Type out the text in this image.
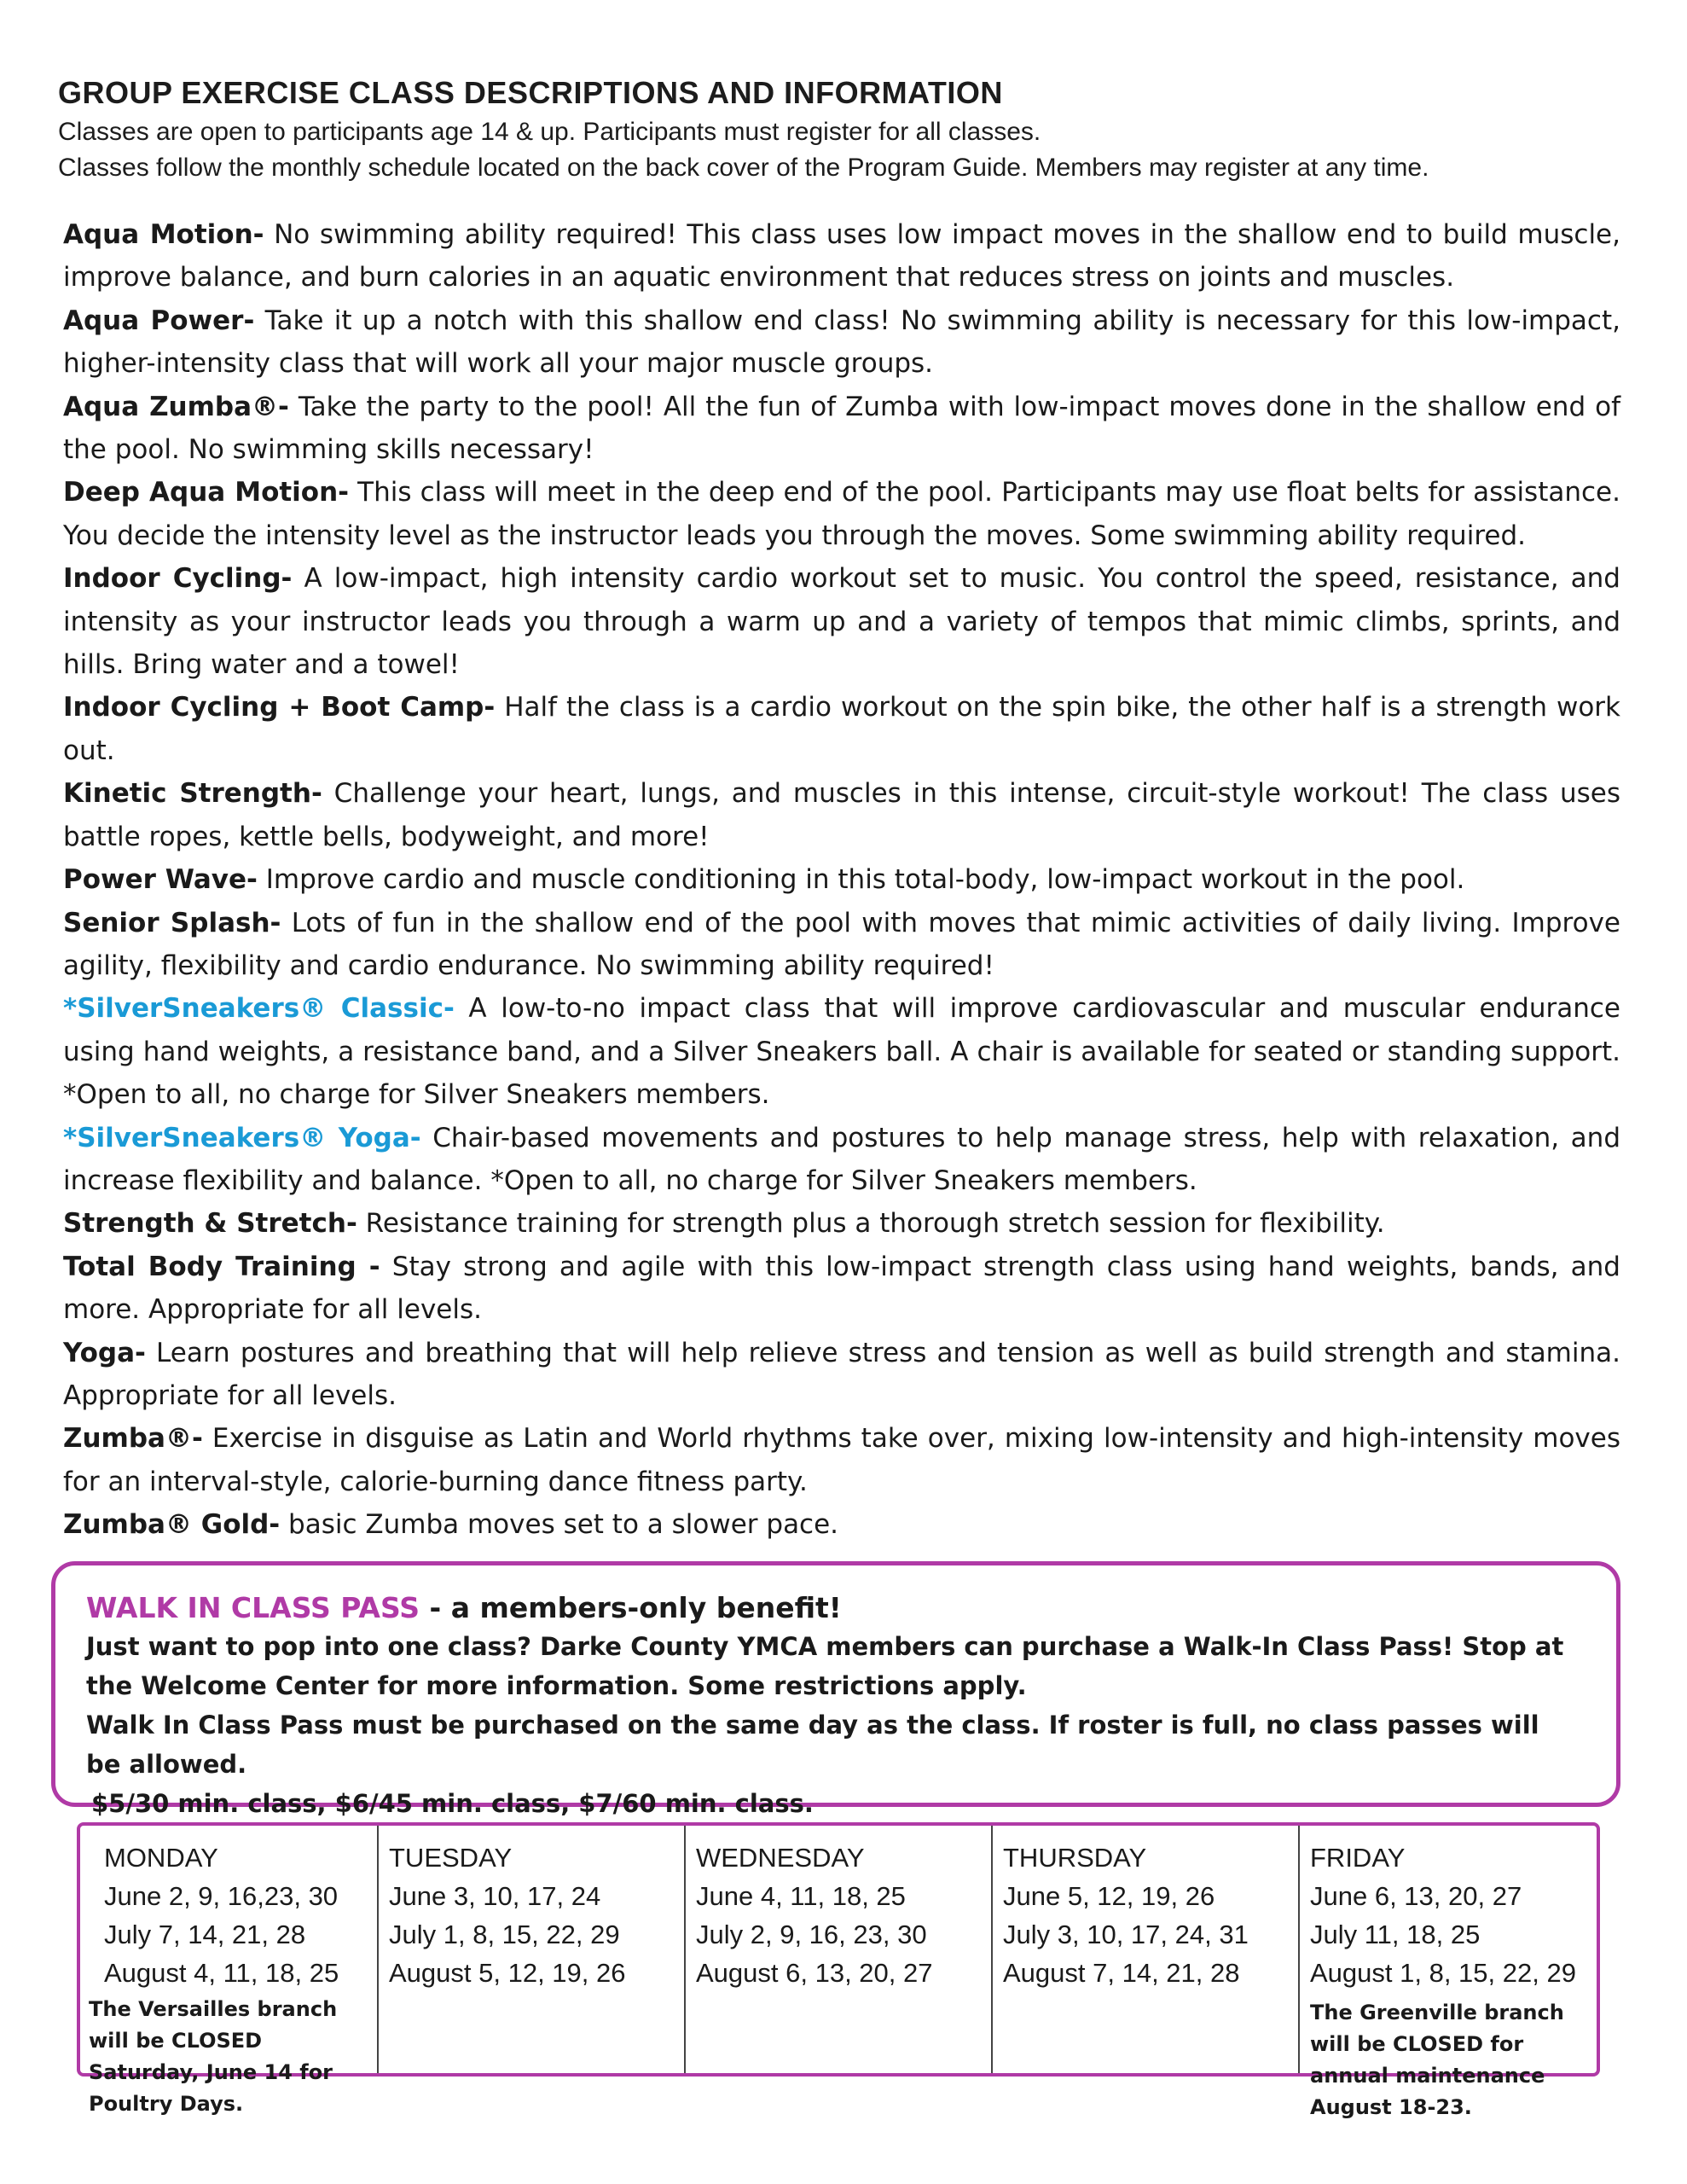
GROUP EXERCISE CLASS DESCRIPTIONS AND INFORMATION

Classes are open to participants age 14 & up. Participants must register for all classes.

Classes follow the monthly schedule located on the back cover of the Program Guide. Members may register at any time.

Aqua Motion- No swimming ability required! This class uses low impact moves in the shallow end to build muscle, improve balance, and burn calories in an aquatic environment that reduces stress on joints and muscles.

Aqua Power- Take it up a notch with this shallow end class! No swimming ability is necessary for this low-impact, higher-intensity class that will work all your major muscle groups.

Aqua Zumba®- Take the party to the pool! All the fun of Zumba with low-impact moves done in the shallow end of the pool. No swimming skills necessary!

Deep Aqua Motion- This class will meet in the deep end of the pool. Participants may use float belts for assistance. You decide the intensity level as the instructor leads you through the moves. Some swimming ability required.

Indoor Cycling- A low-impact, high intensity cardio workout set to music. You control the speed, resistance, and intensity as your instructor leads you through a warm up and a variety of tempos that mimic climbs, sprints, and hills. Bring water and a towel!

Indoor Cycling + Boot Camp- Half the class is a cardio workout on the spin bike, the other half is a strength work out.

Kinetic Strength- Challenge your heart, lungs, and muscles in this intense, circuit-style workout! The class uses battle ropes, kettle bells, bodyweight, and more!

Power Wave- Improve cardio and muscle conditioning in this total-body, low-impact workout in the pool.

Senior Splash- Lots of fun in the shallow end of the pool with moves that mimic activities of daily living. Improve agility, flexibility and cardio endurance. No swimming ability required!

*SilverSneakers® Classic- A low-to-no impact class that will improve cardiovascular and muscular endurance using hand weights, a resistance band, and a Silver Sneakers ball. A chair is available for seated or standing support. *Open to all, no charge for Silver Sneakers members.

*SilverSneakers® Yoga- Chair-based movements and postures to help manage stress, help with relaxation, and increase flexibility and balance. *Open to all, no charge for Silver Sneakers members.

Strength & Stretch- Resistance training for strength plus a thorough stretch session for flexibility.

Total Body Training - Stay strong and agile with this low-impact strength class using hand weights, bands, and more. Appropriate for all levels.

Yoga- Learn postures and breathing that will help relieve stress and tension as well as build strength and stamina. Appropriate for all levels.

Zumba®- Exercise in disguise as Latin and World rhythms take over, mixing low-intensity and high-intensity moves for an interval-style, calorie-burning dance fitness party.

Zumba® Gold- basic Zumba moves set to a slower pace.

WALK IN CLASS PASS - a members-only benefit!

Just want to pop into one class? Darke County YMCA members can purchase a Walk-In Class Pass! Stop at the Welcome Center for more information. Some restrictions apply.

Walk In Class Pass must be purchased on the same day as the class. If roster is full, no class passes will be allowed.

$5/30 min. class, $6/45 min. class, $7/60 min. class.

MONDAY

June 2, 9, 16,23, 30

July 7, 14, 21, 28

August 4, 11, 18, 25

The Versailles branch will be CLOSED Saturday, June 14 for Poultry Days.

TUESDAY

June 3, 10, 17, 24

July 1, 8, 15, 22, 29

August 5, 12, 19, 26

WEDNESDAY

June 4, 11, 18, 25

July 2, 9, 16, 23, 30

August 6, 13, 20, 27

THURSDAY

June 5, 12, 19, 26

July 3, 10, 17, 24, 31

August 7, 14, 21, 28

FRIDAY

June 6, 13, 20, 27

July 11, 18, 25

August 1, 8, 15, 22, 29

The Greenville branch will be CLOSED for annual maintenance August 18-23.
